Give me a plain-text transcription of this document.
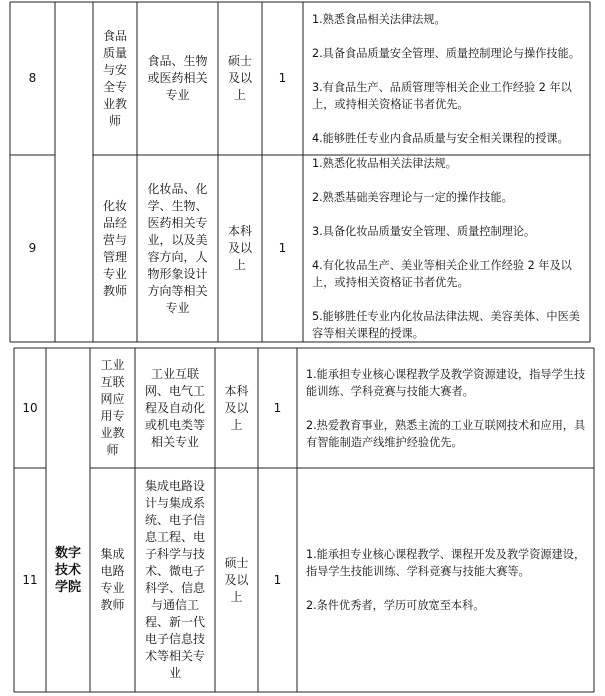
8
食品
质量
与安
全专
业教
师
食品、生物
或医药相关
专业
硕士
及以
上
1

1.熟悉食品相关法律法规。

2.具备食品质量安全管理、质量控制理论与操作技能。

3.有食品生产、品质管理等相关企业工作经验 2 年以上，或持相关资格证书者优先。

4.能够胜任专业内食品质量与安全相关课程的授课。

9
化妆
品经
营与
管理
专业
教师
化妆品、化
学、生物、
医药相关专
业，以及美
容方向，人
物形象设计
方向等相关
专业
本科
及以
上
1

1.熟悉化妆品相关法律法规。

2.熟悉基础美容理论与一定的操作技能。

3.具备化妆品质量安全管理、质量控制理论。

4.有化妆品生产、美业等相关企业工作经验 2 年及以上，或持相关资格证书者优先。

5.能够胜任专业内化妆品法律法规、美容美体、中医美容等相关课程的授课。

10
工业
互联
网应
用专
业教
师
工业互联
网、电气工
程及自动化
或机电类等
相关专业
本科
及以
上
1

1.能承担专业核心课程教学及教学资源建设，指导学生技能训练、学科竞赛与技能大赛者。

2.热爱教育事业，熟悉主流的工业互联网技术和应用，具有智能制造产线维护经验优先。

数字
技术
学院
11
集成
电路
专业
教师
集成电路设
计与集成系
统、电子信
息工程、电
子科学与技
术、微电子
科学、信息
与通信工
程、新一代
电子信息技
术等相关专
业
硕士
及以
上
1

1.能承担专业核心课程教学、课程开发及教学资源建设，指导学生技能训练、学科竞赛与技能大赛等。

2.条件优秀者，学历可放宽至本科。
